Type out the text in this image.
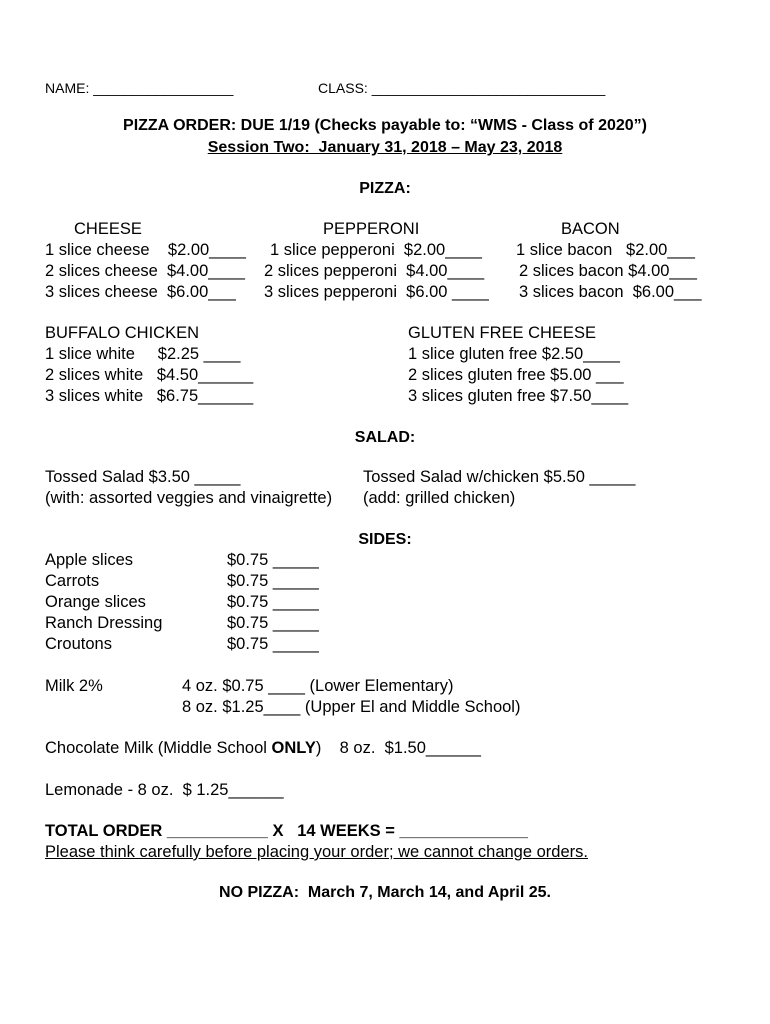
NAME: __________________	CLASS: ______________________________
PIZZA ORDER: DUE 1/19 (Checks payable to: “WMS - Class of 2020”)
Session Two:  January 31, 2018 – May 23, 2018
PIZZA:
CHEESE
1 slice cheese    $2.00____
2 slices cheese  $4.00____
3 slices cheese  $6.00___
PEPPERONI
1 slice pepperoni  $2.00____
2 slices pepperoni  $4.00____
3 slices pepperoni  $6.00 ____
BACON
1 slice bacon   $2.00___
2 slices bacon $4.00___
3 slices bacon  $6.00___
BUFFALO CHICKEN
1 slice white     $2.25 ____
2 slices white   $4.50______
3 slices white   $6.75______
GLUTEN FREE CHEESE
1 slice gluten free $2.50____
2 slices gluten free $5.00 ___
3 slices gluten free $7.50____
SALAD:
Tossed Salad $3.50 _____
(with: assorted veggies and vinaigrette)
Tossed Salad w/chicken $5.50 _____
(add: grilled chicken)
SIDES:
Apple slices	$0.75 _____
Carrots	$0.75 _____
Orange slices	$0.75 _____
Ranch Dressing	$0.75 _____
Croutons	$0.75 _____
Milk 2%	4 oz. $0.75 ____ (Lower Elementary)
8 oz. $1.25____ (Upper El and Middle School)
Chocolate Milk (Middle School ONLY)    8 oz.  $1.50______
Lemonade - 8 oz.  $ 1.25______
TOTAL ORDER ___________ X   14 WEEKS = ______________
Please think carefully before placing your order; we cannot change orders.
NO PIZZA:  March 7, March 14, and April 25.
